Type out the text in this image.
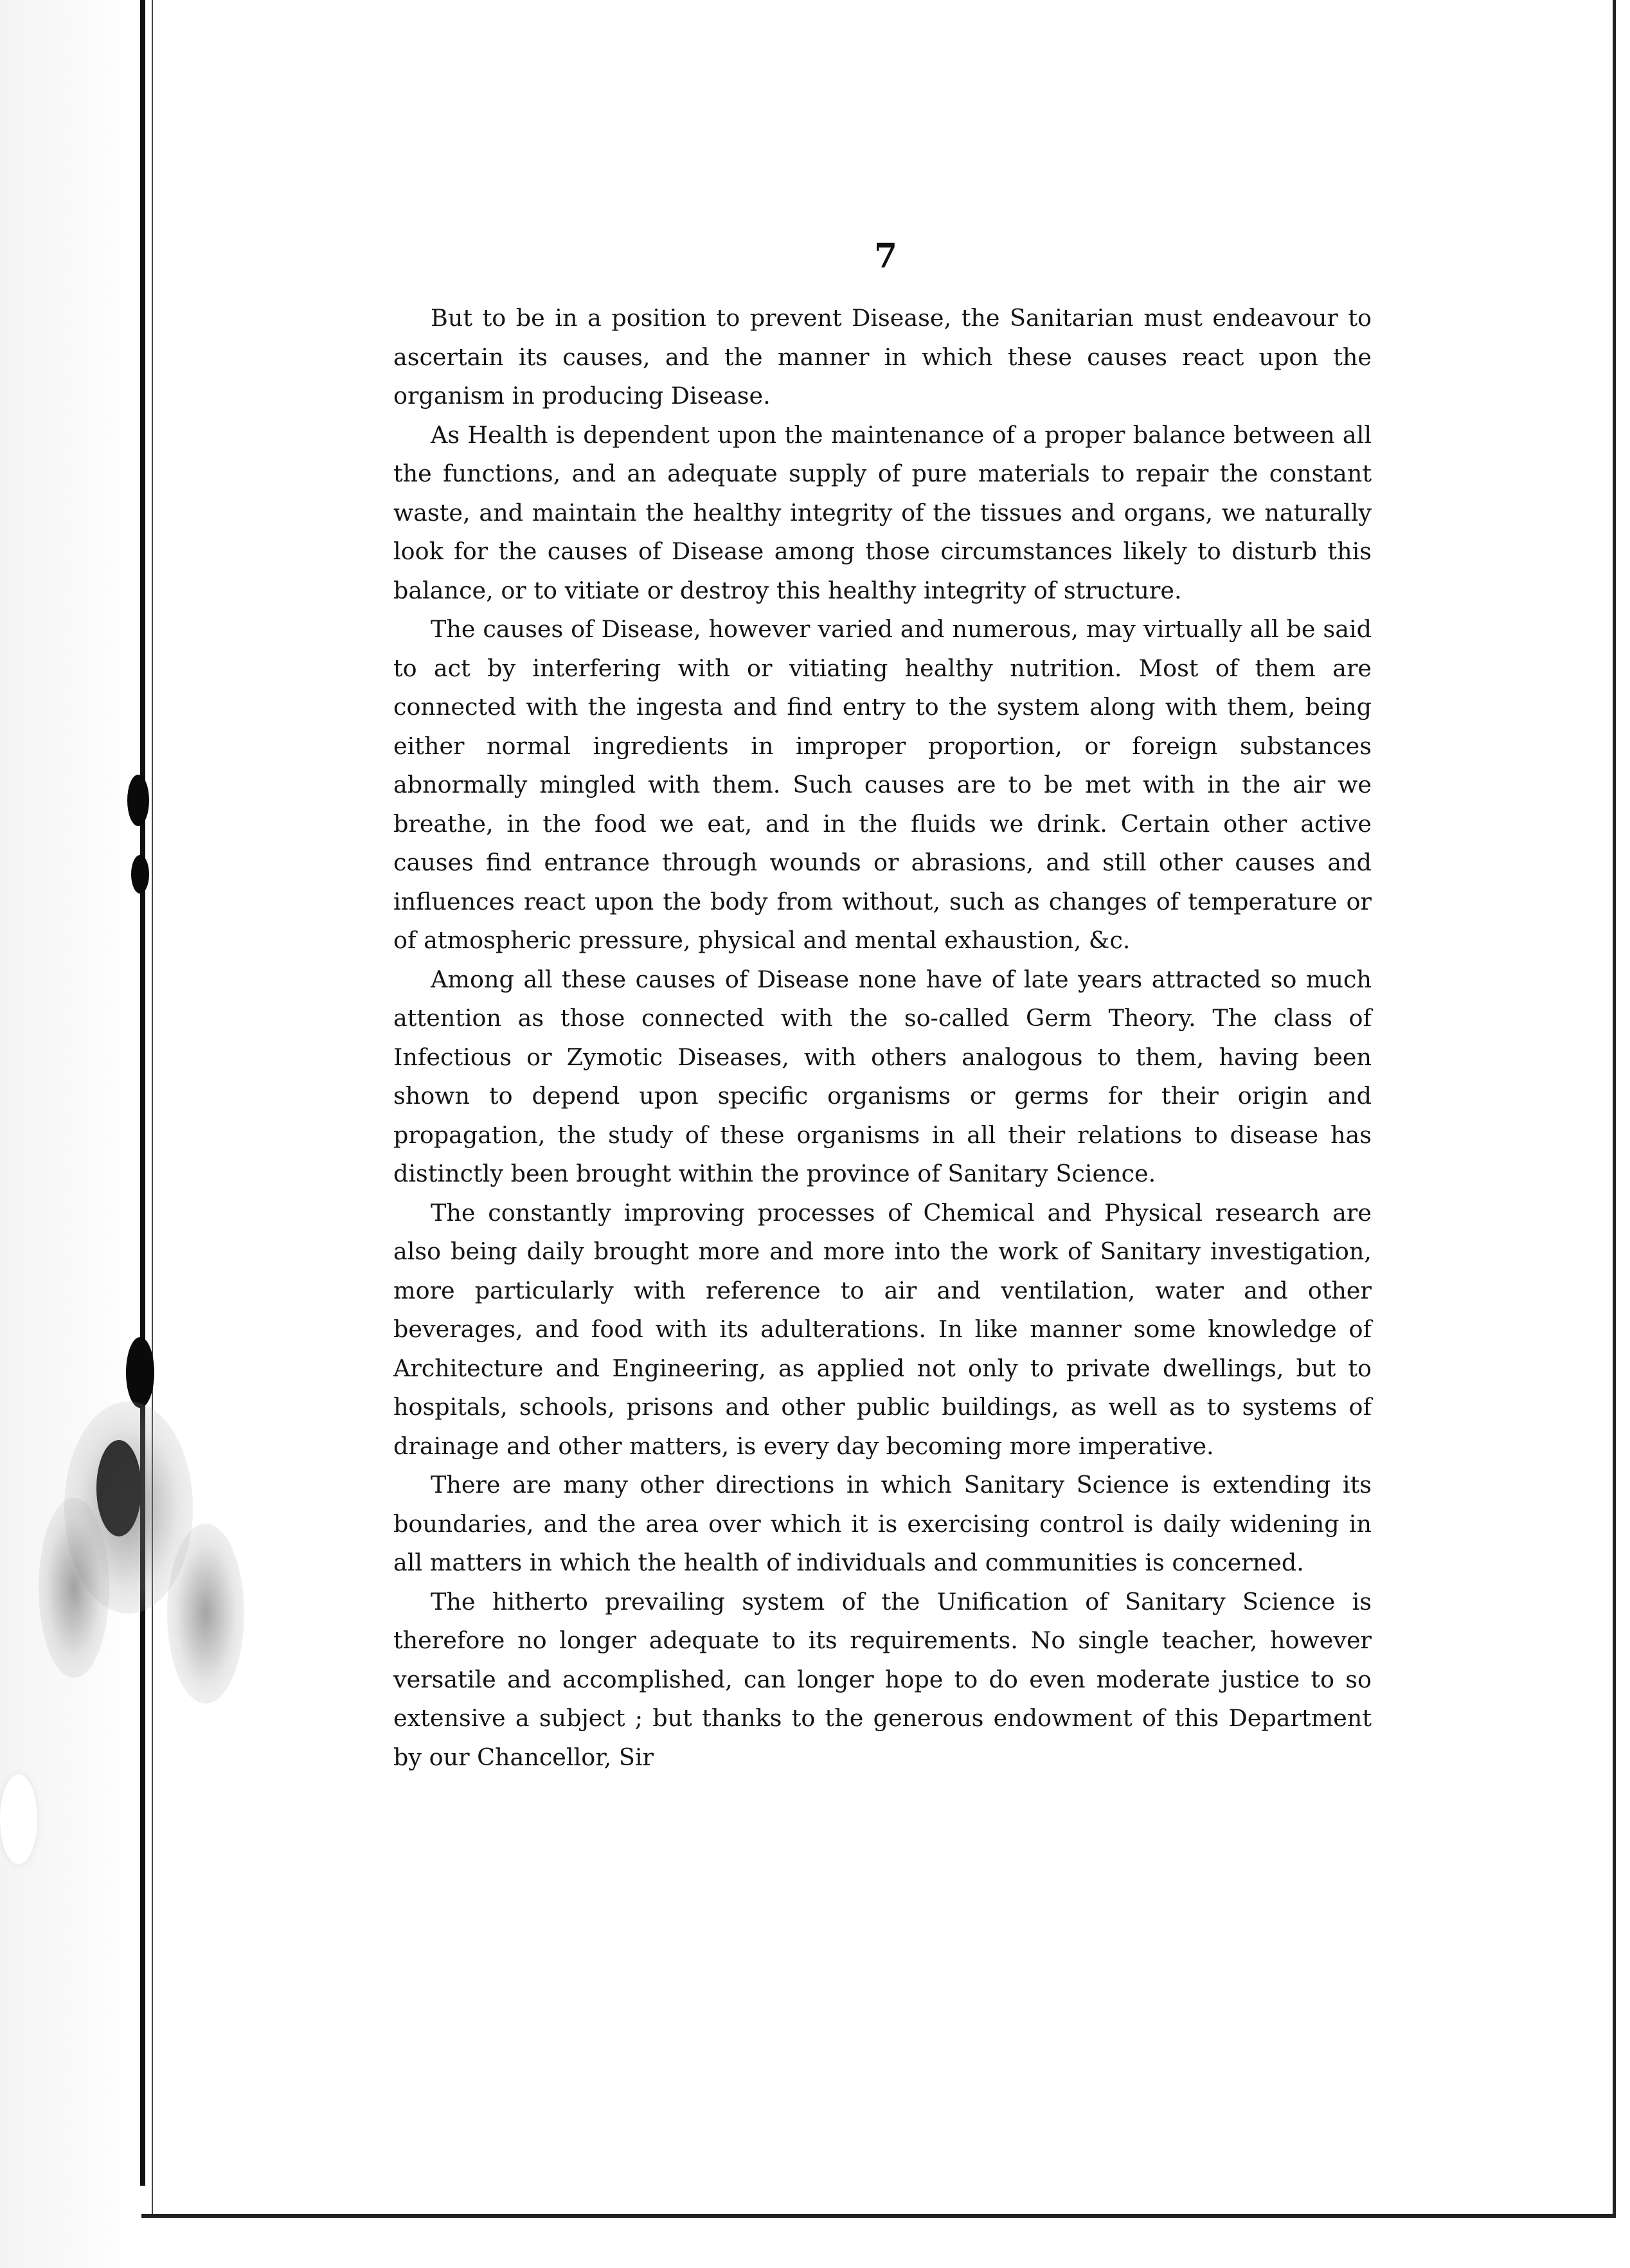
7

But to be in a position to prevent Disease, the Sanitarian must endeavour to ascertain its causes, and the manner in which these causes react upon the organism in producing Disease.

As Health is dependent upon the maintenance of a proper balance between all the functions, and an adequate supply of pure materials to repair the constant waste, and maintain the healthy integrity of the tissues and organs, we naturally look for the causes of Disease among those circumstances likely to disturb this balance, or to vitiate or destroy this healthy integrity of structure.

The causes of Disease, however varied and numerous, may virtually all be said to act by interfering with or vitiating healthy nutrition. Most of them are connected with the ingesta and find entry to the system along with them, being either normal ingredients in improper proportion, or foreign substances abnormally mingled with them. Such causes are to be met with in the air we breathe, in the food we eat, and in the fluids we drink. Certain other active causes find entrance through wounds or abrasions, and still other causes and influences react upon the body from without, such as changes of temperature or of atmospheric pressure, physical and mental exhaustion, &c.

Among all these causes of Disease none have of late years attracted so much attention as those connected with the so-called Germ Theory. The class of Infectious or Zymotic Diseases, with others analogous to them, having been shown to depend upon specific organisms or germs for their origin and propagation, the study of these organisms in all their relations to disease has distinctly been brought within the province of Sanitary Science.

The constantly improving processes of Chemical and Physical research are also being daily brought more and more into the work of Sanitary investigation, more particularly with reference to air and ventilation, water and other beverages, and food with its adulterations. In like manner some knowledge of Architecture and Engineering, as applied not only to private dwellings, but to hospitals, schools, prisons and other public buildings, as well as to systems of drainage and other matters, is every day becoming more imperative.

There are many other directions in which Sanitary Science is extending its boundaries, and the area over which it is exercising control is daily widening in all matters in which the health of individuals and communities is concerned.

The hitherto prevailing system of the Unification of Sanitary Science is therefore no longer adequate to its requirements. No single teacher, however versatile and accomplished, can longer hope to do even moderate justice to so extensive a subject ; but thanks to the generous endowment of this Department by our Chancellor, Sir
